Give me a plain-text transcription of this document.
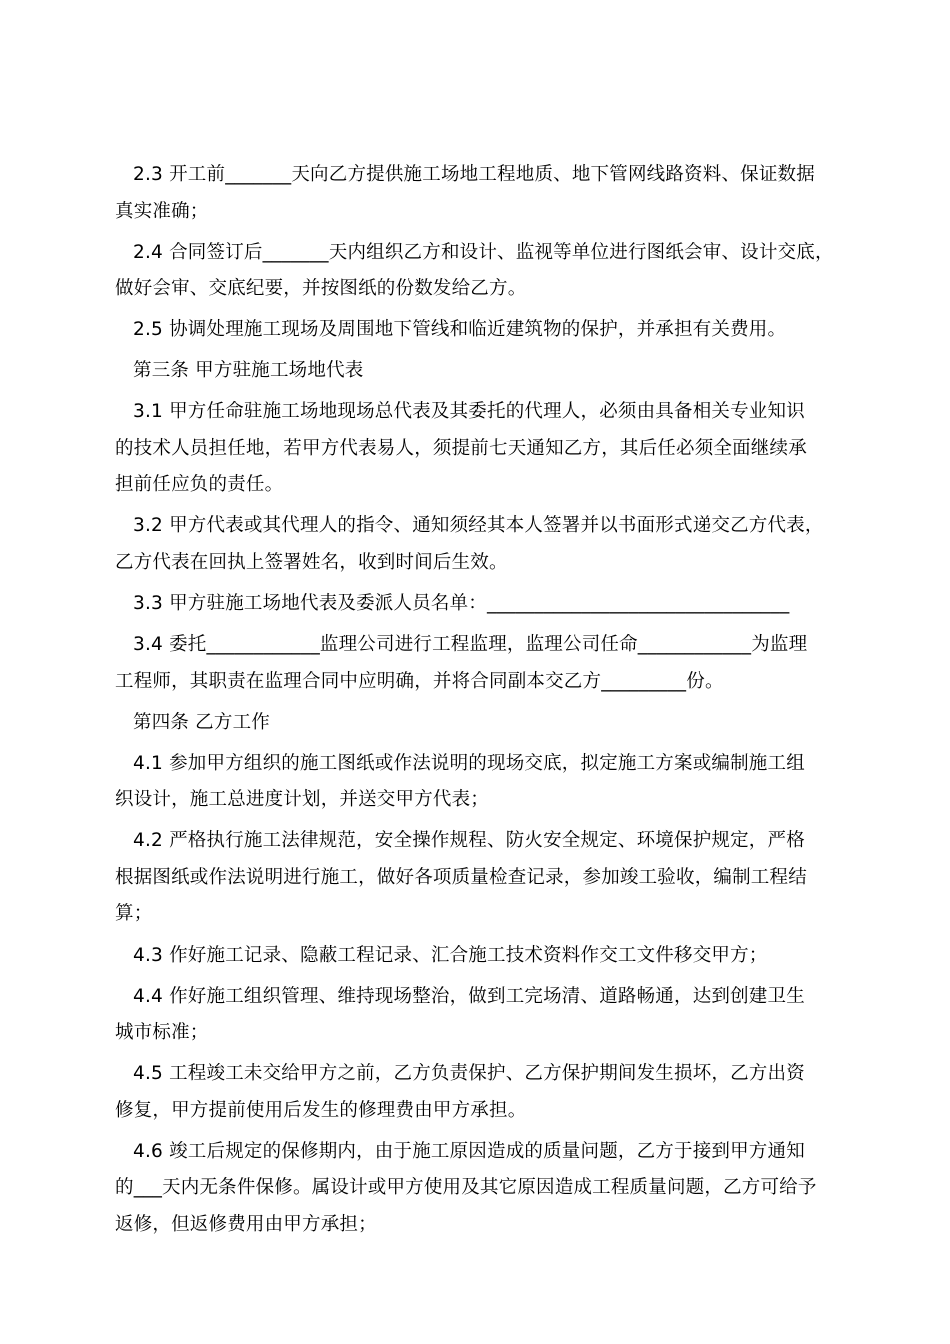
2.3 开工前_______天向乙方提供施工场地工程地质、地下管网线路资料、保证数据
真实准确；
2.4 合同签订后_______天内组织乙方和设计、监视等单位进行图纸会审、设计交底，
做好会审、交底纪要，并按图纸的份数发给乙方。
2.5 协调处理施工现场及周围地下管线和临近建筑物的保护，并承担有关费用。
第三条 甲方驻施工场地代表
3.1 甲方任命驻施工场地现场总代表及其委托的代理人，必须由具备相关专业知识
的技术人员担任地，若甲方代表易人，须提前七天通知乙方，其后任必须全面继续承
担前任应负的责任。
3.2 甲方代表或其代理人的指令、通知须经其本人签署并以书面形式递交乙方代表，
乙方代表在回执上签署姓名，收到时间后生效。
3.3 甲方驻施工场地代表及委派人员名单：________________________________
3.4 委托____________监理公司进行工程监理，监理公司任命____________为监理
工程师，其职责在监理合同中应明确，并将合同副本交乙方_________份。
第四条 乙方工作
4.1 参加甲方组织的施工图纸或作法说明的现场交底，拟定施工方案或编制施工组
织设计，施工总进度计划，并送交甲方代表；
4.2 严格执行施工法律规范，安全操作规程、防火安全规定、环境保护规定，严格
根据图纸或作法说明进行施工，做好各项质量检查记录，参加竣工验收，编制工程结
算；
4.3 作好施工记录、隐蔽工程记录、汇合施工技术资料作交工文件移交甲方；
4.4 作好施工组织管理、维持现场整治，做到工完场清、道路畅通，达到创建卫生
城市标准；
4.5 工程竣工未交给甲方之前，乙方负责保护、乙方保护期间发生损坏，乙方出资
修复，甲方提前使用后发生的修理费由甲方承担。
4.6 竣工后规定的保修期内，由于施工原因造成的质量问题，乙方于接到甲方通知
的___天内无条件保修。属设计或甲方使用及其它原因造成工程质量问题，乙方可给予
返修，但返修费用由甲方承担；
